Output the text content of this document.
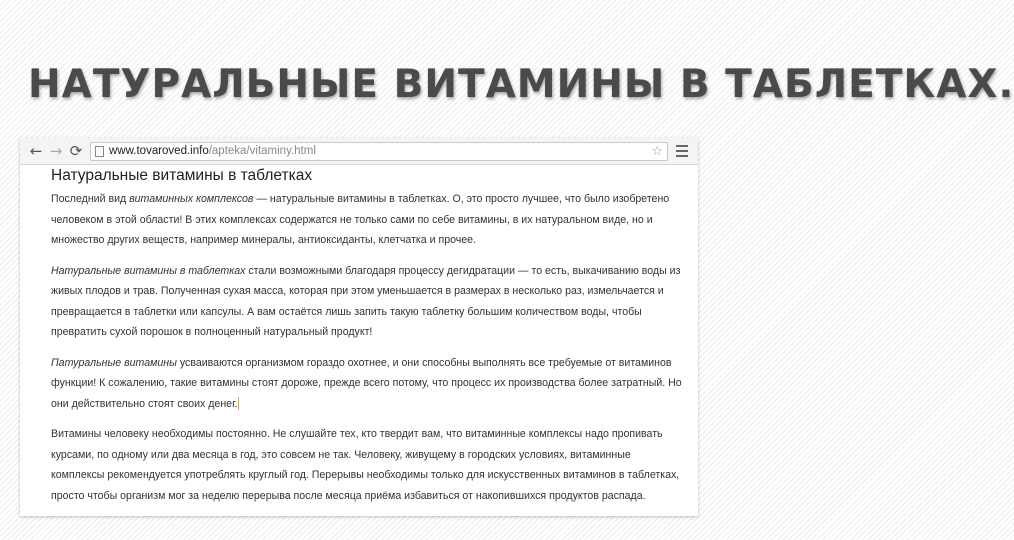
НАТУРАЛЬНЫЕ ВИТАМИНЫ В ТАБЛЕТКАХ.
← → ⟳	www.tovaroved.info /apteka/vitaminy.html	☆
Натуральные витамины в таблетках

Последний вид витаминных комплексов — натуральные витамины в таблетках. О, это просто лучшее, что было изобретено человеком в этой области! В этих комплексах содержатся не только сами по себе витамины, в их натуральном виде, но и множество других веществ, например минералы, антиоксиданты, клетчатка и прочее.

Натуральные витамины в таблетках стали возможными благодаря процессу дегидратации — то есть, выкачиванию воды из живых плодов и трав. Полученная сухая масса, которая при этом уменьшается в размерах в несколько раз, измельчается и превращается в таблетки или капсулы. А вам остаётся лишь запить такую таблетку большим количеством воды, чтобы превратить сухой порошок в полноценный натуральный продукт!

Патуральные витамины усваиваются организмом гораздо охотнее, и они способны выполнять все требуемые от витаминов функции! К сожалению, такие витамины стоят дороже, прежде всего потому, что процесс их производства более затратный. Но они действительно стоят своих денег.

Витамины человеку необходимы постоянно. Не слушайте тех, кто твердит вам, что витаминные комплексы надо пропивать курсами, по одному или два месяца в год, это совсем не так. Человеку, живущему в городских условиях, витаминные комплексы рекомендуется употреблять круглый год. Перерывы необходимы только для искусственных витаминов в таблетках, просто чтобы организм мог за неделю перерыва после месяца приёма избавиться от накопившихся продуктов распада.
